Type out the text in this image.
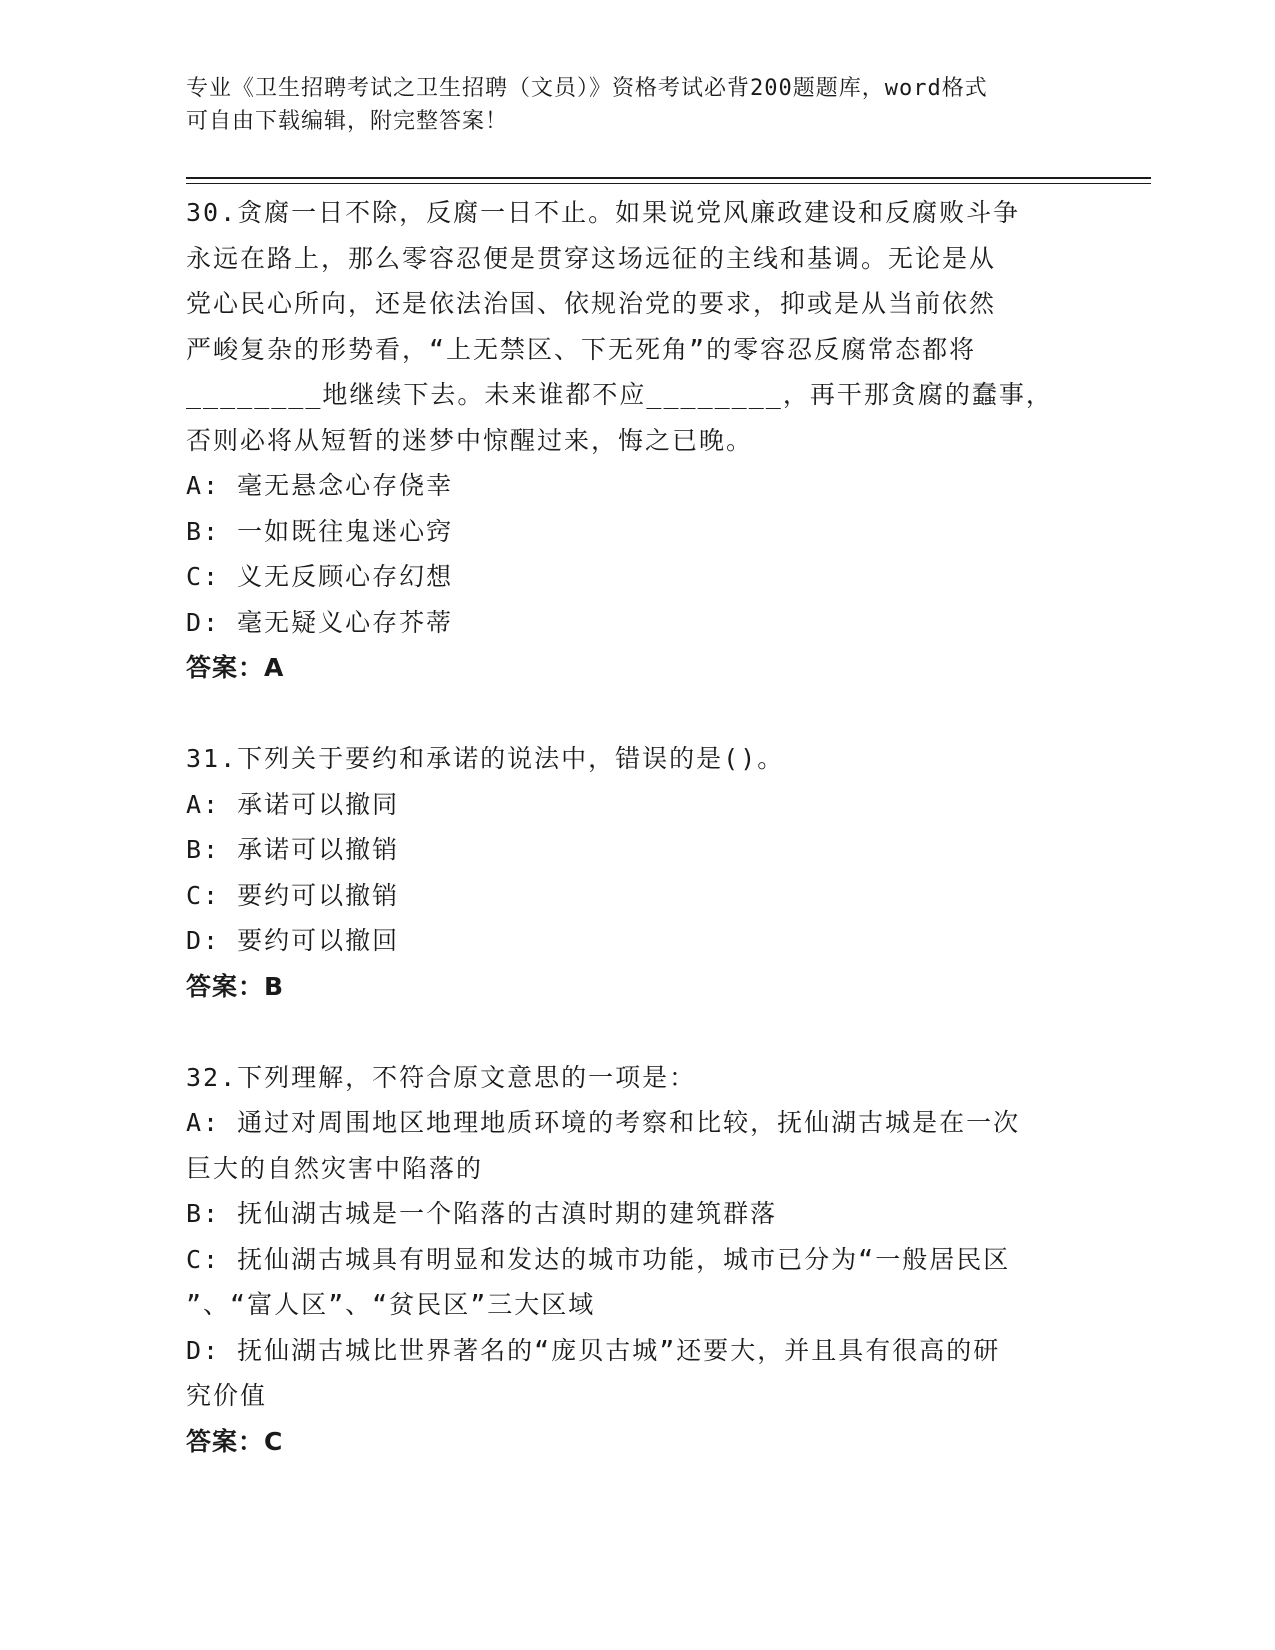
专业《卫生招聘考试之卫生招聘（文员）》资格考试必背200题题库，word格式
可自由下载编辑，附完整答案！
30.贪腐一日不除，反腐一日不止。如果说党风廉政建设和反腐败斗争
永远在路上，那么零容忍便是贯穿这场远征的主线和基调。无论是从
党心民心所向，还是依法治国、依规治党的要求，抑或是从当前依然
严峻复杂的形势看，“上无禁区、下无死角”的零容忍反腐常态都将
________地继续下去。未来谁都不应________，再干那贪腐的蠢事，
否则必将从短暂的迷梦中惊醒过来，悔之已晚。
A: 毫无悬念心存侥幸
B: 一如既往鬼迷心窍
C: 义无反顾心存幻想
D: 毫无疑义心存芥蒂
答案：A
31.下列关于要约和承诺的说法中，错误的是()。
A: 承诺可以撤同
B: 承诺可以撤销
C: 要约可以撤销
D: 要约可以撤回
答案：B
32.下列理解，不符合原文意思的一项是：
A: 通过对周围地区地理地质环境的考察和比较，抚仙湖古城是在一次
巨大的自然灾害中陷落的
B: 抚仙湖古城是一个陷落的古滇时期的建筑群落
C: 抚仙湖古城具有明显和发达的城市功能，城市已分为“一般居民区
”、“富人区”、“贫民区”三大区域
D: 抚仙湖古城比世界著名的“庞贝古城”还要大，并且具有很高的研
究价值
答案：C
